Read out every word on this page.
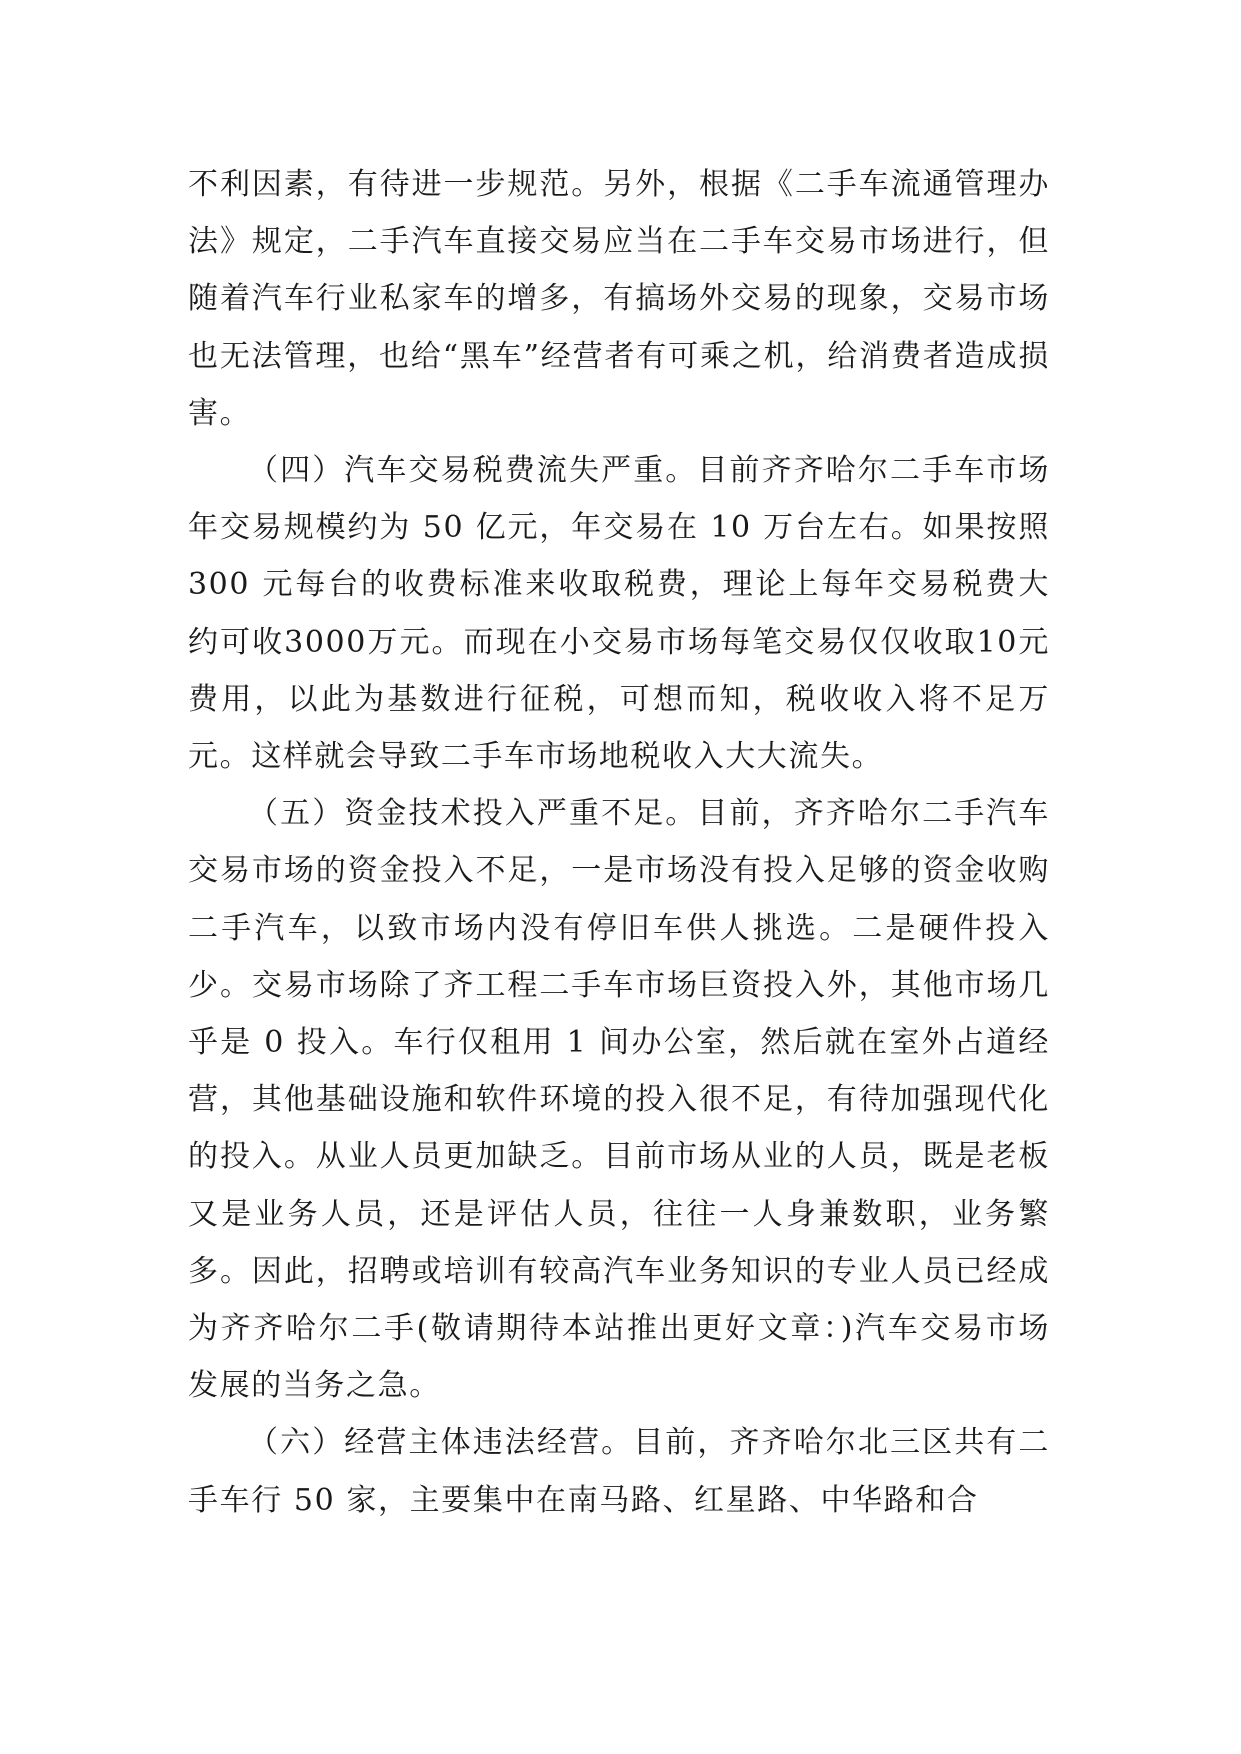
不利因素，有待进一步规范。另外，根据《二手车流通管理办法》规定，二手汽车直接交易应当在二手车交易市场进行，但随着汽车行业私家车的增多，有搞场外交易的现象，交易市场也无法管理，也给“黑车”经营者有可乘之机，给消费者造成损害。

（四）汽车交易税费流失严重。目前齐齐哈尔二手车市场年交易规模约为 50 亿元，年交易在 10 万台左右。如果按照 300 元每台的收费标准来收取税费，理论上每年交易税费大约可收3000万元。而现在小交易市场每笔交易仅仅收取10元费用，以此为基数进行征税，可想而知，税收收入将不足万元。这样就会导致二手车市场地税收入大大流失。

（五）资金技术投入严重不足。目前，齐齐哈尔二手汽车交易市场的资金投入不足，一是市场没有投入足够的资金收购二手汽车，以致市场内没有停旧车供人挑选。二是硬件投入少。交易市场除了齐工程二手车市场巨资投入外，其他市场几乎是 0 投入。车行仅租用 1 间办公室，然后就在室外占道经营，其他基础设施和软件环境的投入很不足，有待加强现代化的投入。从业人员更加缺乏。目前市场从业的人员，既是老板又是业务人员，还是评估人员，往往一人身兼数职，业务繁多。因此，招聘或培训有较高汽车业务知识的专业人员已经成为齐齐哈尔二手(敬请期待本站推出更好文章：)汽车交易市场发展的当务之急。

（六）经营主体违法经营。目前，齐齐哈尔北三区共有二手车行 50 家，主要集中在南马路、红星路、中华路和合
